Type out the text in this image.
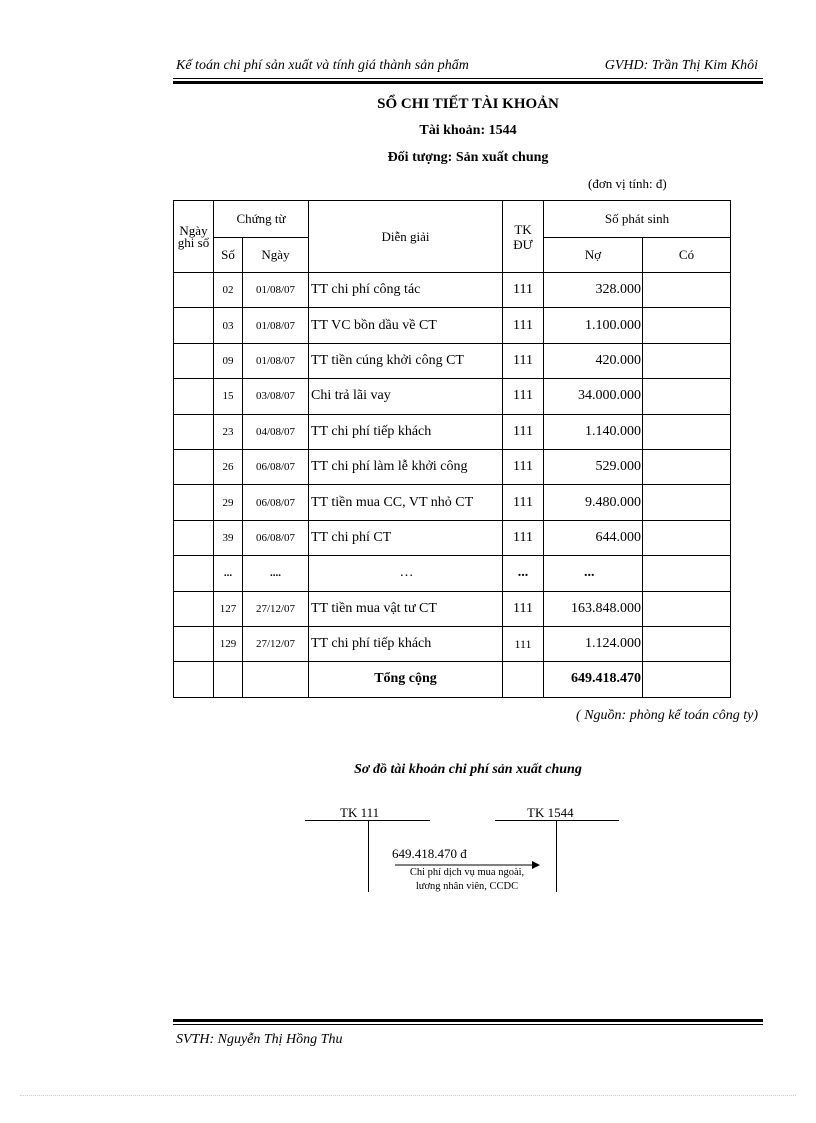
Kế toán chi phí sản xuất và tính giá thành sản phẩm	GVHD: Trần Thị Kim Khôi
SỔ CHI TIẾT TÀI KHOẢN
Tài khoản: 1544
Đối tượng: Sản xuất chung
(đơn vị tính: đ)
Ngày ghi sổ	Chứng từ		Diễn giải	TK ĐƯ	Số phát sinh	
	Số	Ngày			Nợ	Có
	02	01/08/07	TT chi phí công tác	111	328.000	
	03	01/08/07	TT VC bồn dầu về CT	111	1.100.000	
	09	01/08/07	TT tiền cúng khởi công CT	111	420.000	
	15	03/08/07	Chi trả lãi vay	111	34.000.000	
	23	04/08/07	TT chi phí tiếp khách	111	1.140.000	
	26	06/08/07	TT chi phí làm lễ khởi công	111	529.000	
	29	06/08/07	TT tiền mua CC, VT nhỏ CT	111	9.480.000	
	39	06/08/07	TT chi phí CT	111	644.000	
	...	....	…	...	...	
	127	27/12/07	TT tiền mua vật tư CT	111	163.848.000	
	129	27/12/07	TT chi phí tiếp khách	111	1.124.000	
			Tổng cộng		649.418.470	
( Nguồn: phòng kế toán công ty)
Sơ đồ tài khoản chi phí sản xuất chung
TK 111	TK 1544
649.418.470 đ
Chi phí dịch vụ mua ngoài,
lương nhân viên, CCDC
SVTH: Nguyễn Thị Hồng Thu
